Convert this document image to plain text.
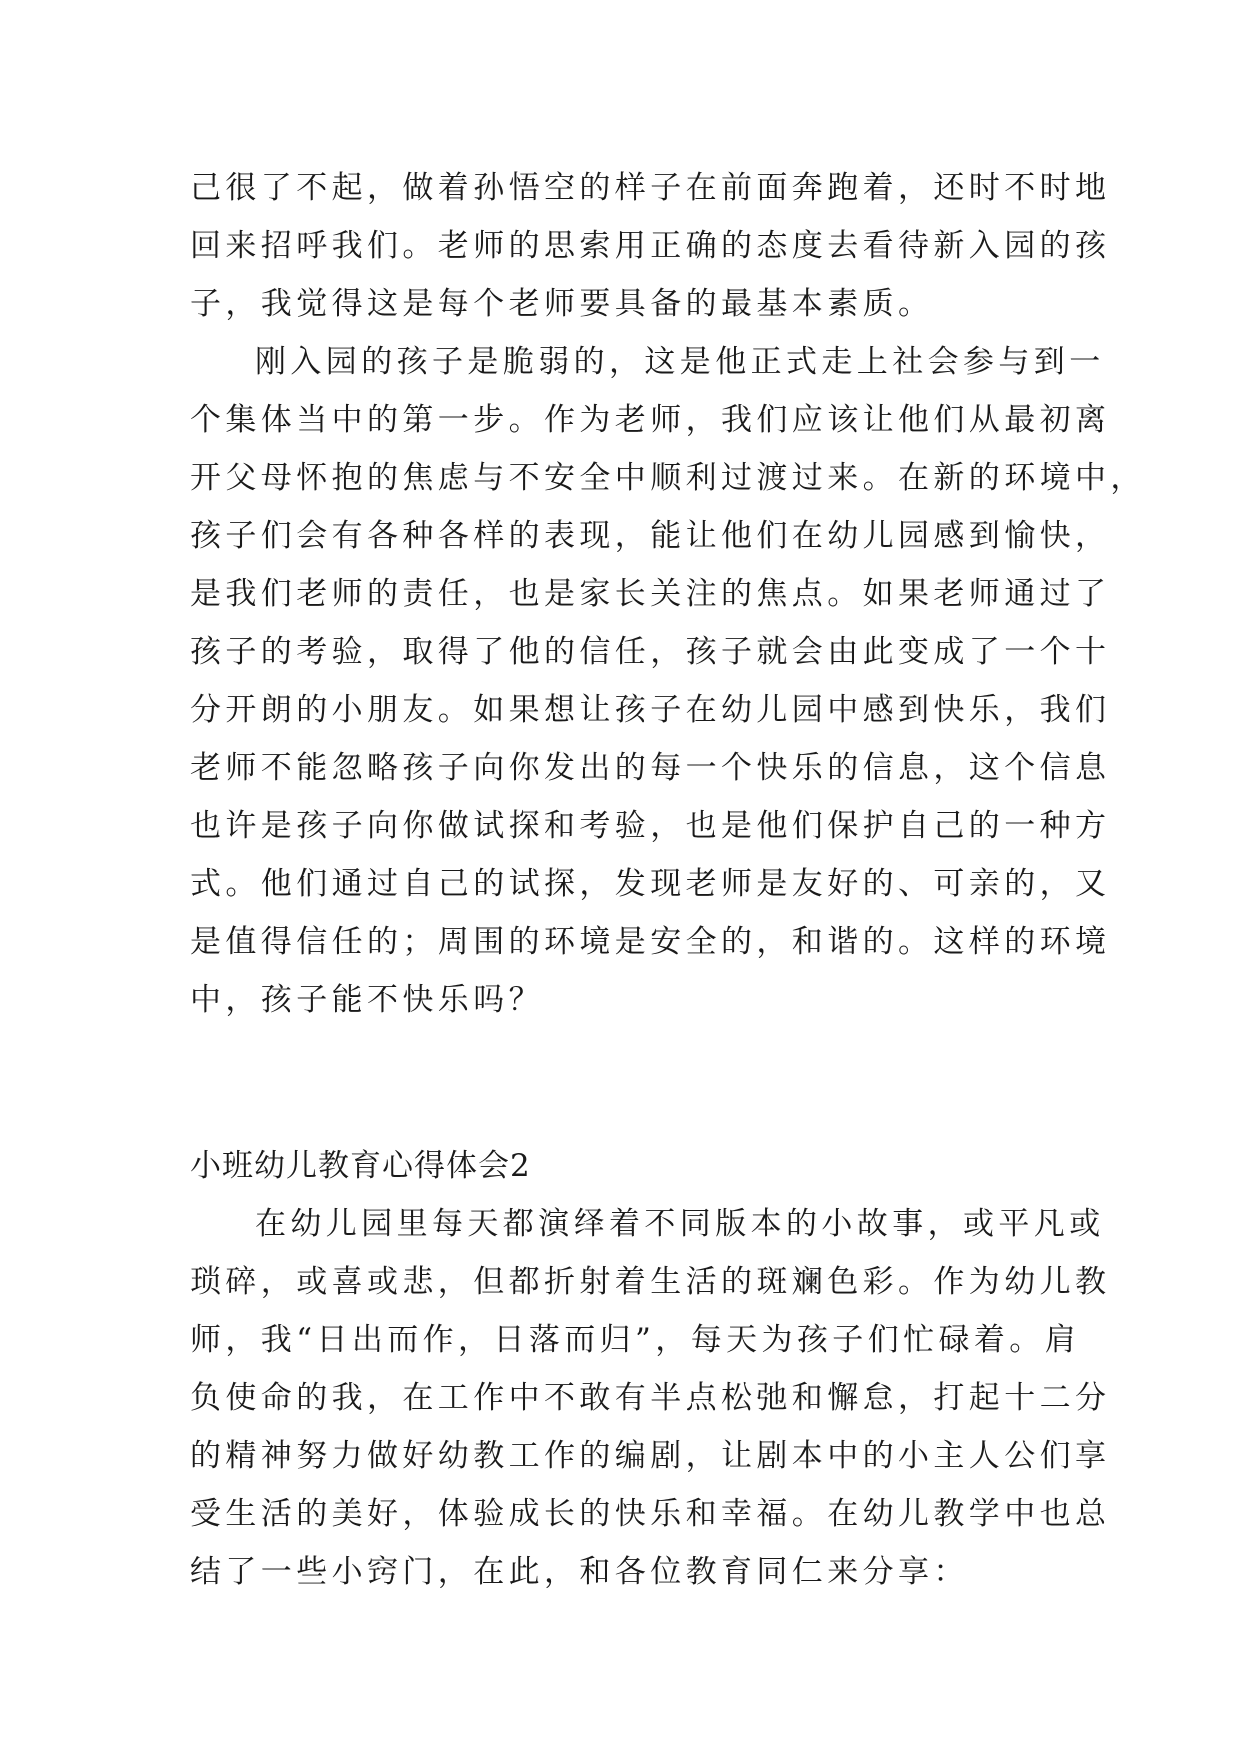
己很了不起，做着孙悟空的样子在前面奔跑着，还时不时地
回来招呼我们。老师的思索用正确的态度去看待新入园的孩
子，我觉得这是每个老师要具备的最基本素质。
刚入园的孩子是脆弱的，这是他正式走上社会参与到一
个集体当中的第一步。作为老师，我们应该让他们从最初离
开父母怀抱的焦虑与不安全中顺利过渡过来。在新的环境中，
孩子们会有各种各样的表现，能让他们在幼儿园感到愉快，
是我们老师的责任，也是家长关注的焦点。如果老师通过了
孩子的考验，取得了他的信任，孩子就会由此变成了一个十
分开朗的小朋友。如果想让孩子在幼儿园中感到快乐，我们
老师不能忽略孩子向你发出的每一个快乐的信息，这个信息
也许是孩子向你做试探和考验，也是他们保护自己的一种方
式。他们通过自己的试探，发现老师是友好的、可亲的，又
是值得信任的；周围的环境是安全的，和谐的。这样的环境
中，孩子能不快乐吗？
小班幼儿教育心得体会2
在幼儿园里每天都演绎着不同版本的小故事，或平凡或
琐碎，或喜或悲，但都折射着生活的斑斓色彩。作为幼儿教
师，我“日出而作，日落而归”，每天为孩子们忙碌着。肩
负使命的我，在工作中不敢有半点松弛和懈怠，打起十二分
的精神努力做好幼教工作的编剧，让剧本中的小主人公们享
受生活的美好，体验成长的快乐和幸福。在幼儿教学中也总
结了一些小窍门，在此，和各位教育同仁来分享：
